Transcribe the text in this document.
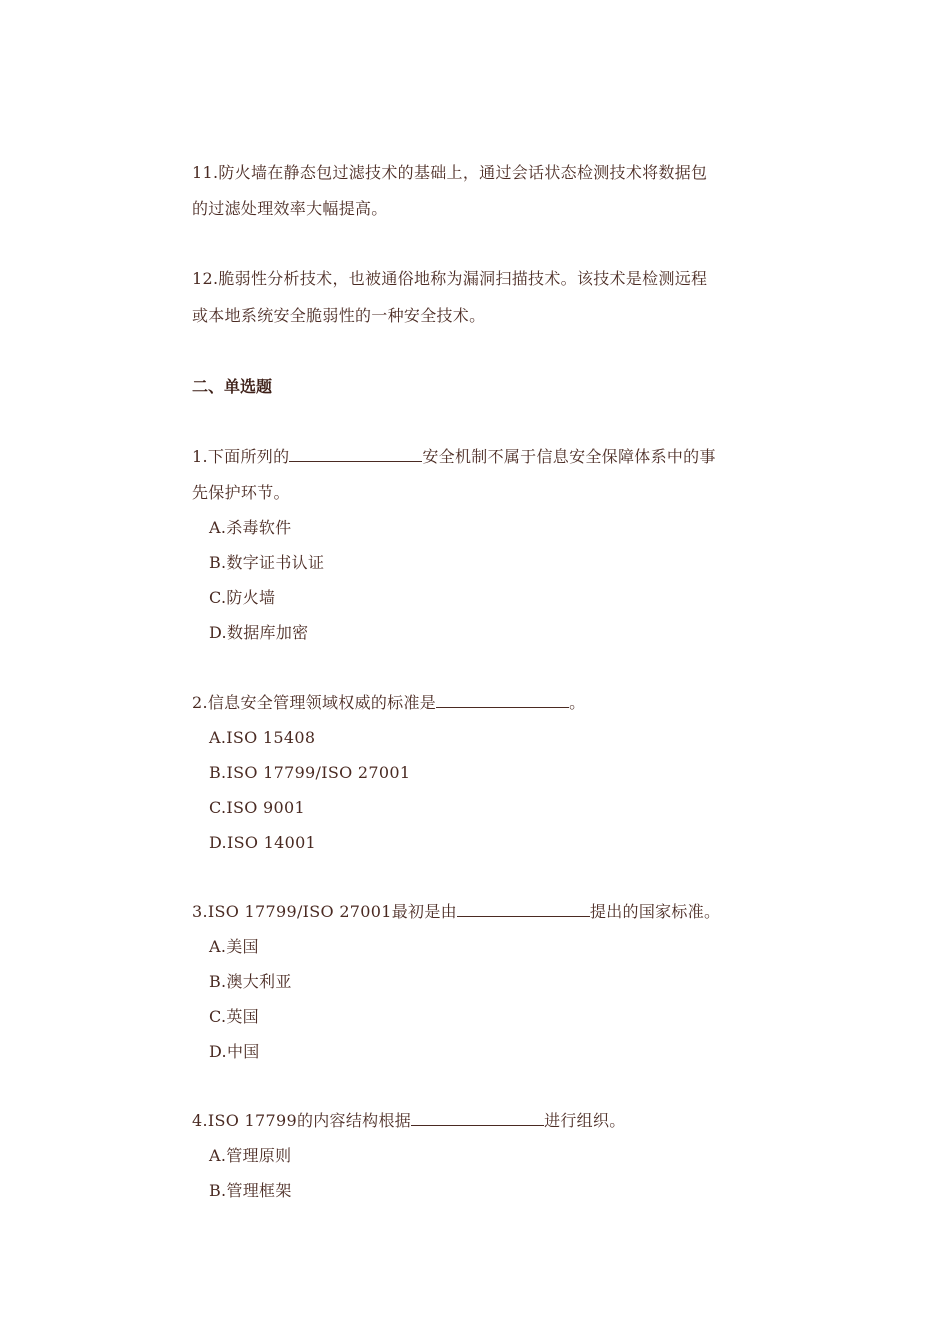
11.防火墙在静态包过滤技术的基础上，通过会话状态检测技术将数据包
的过滤处理效率大幅提高。
12.脆弱性分析技术，也被通俗地称为漏洞扫描技术。该技术是检测远程
或本地系统安全脆弱性的一种安全技术。
二、单选题
1.下面所列的	安全机制不属于信息安全保障体系中的事
先保护环节。
A.杀毒软件
B.数字证书认证
C.防火墙
D.数据库加密
2.信息安全管理领域权威的标准是	。
A.ISO 15408
B.ISO 17799/ISO 27001
C.ISO 9001
D.ISO 14001
3.ISO 17799/ISO 27001最初是由	提出的国家标准。
A.美国
B.澳大利亚
C.英国
D.中国
4.ISO 17799的内容结构根据	进行组织。
A.管理原则
B.管理框架
